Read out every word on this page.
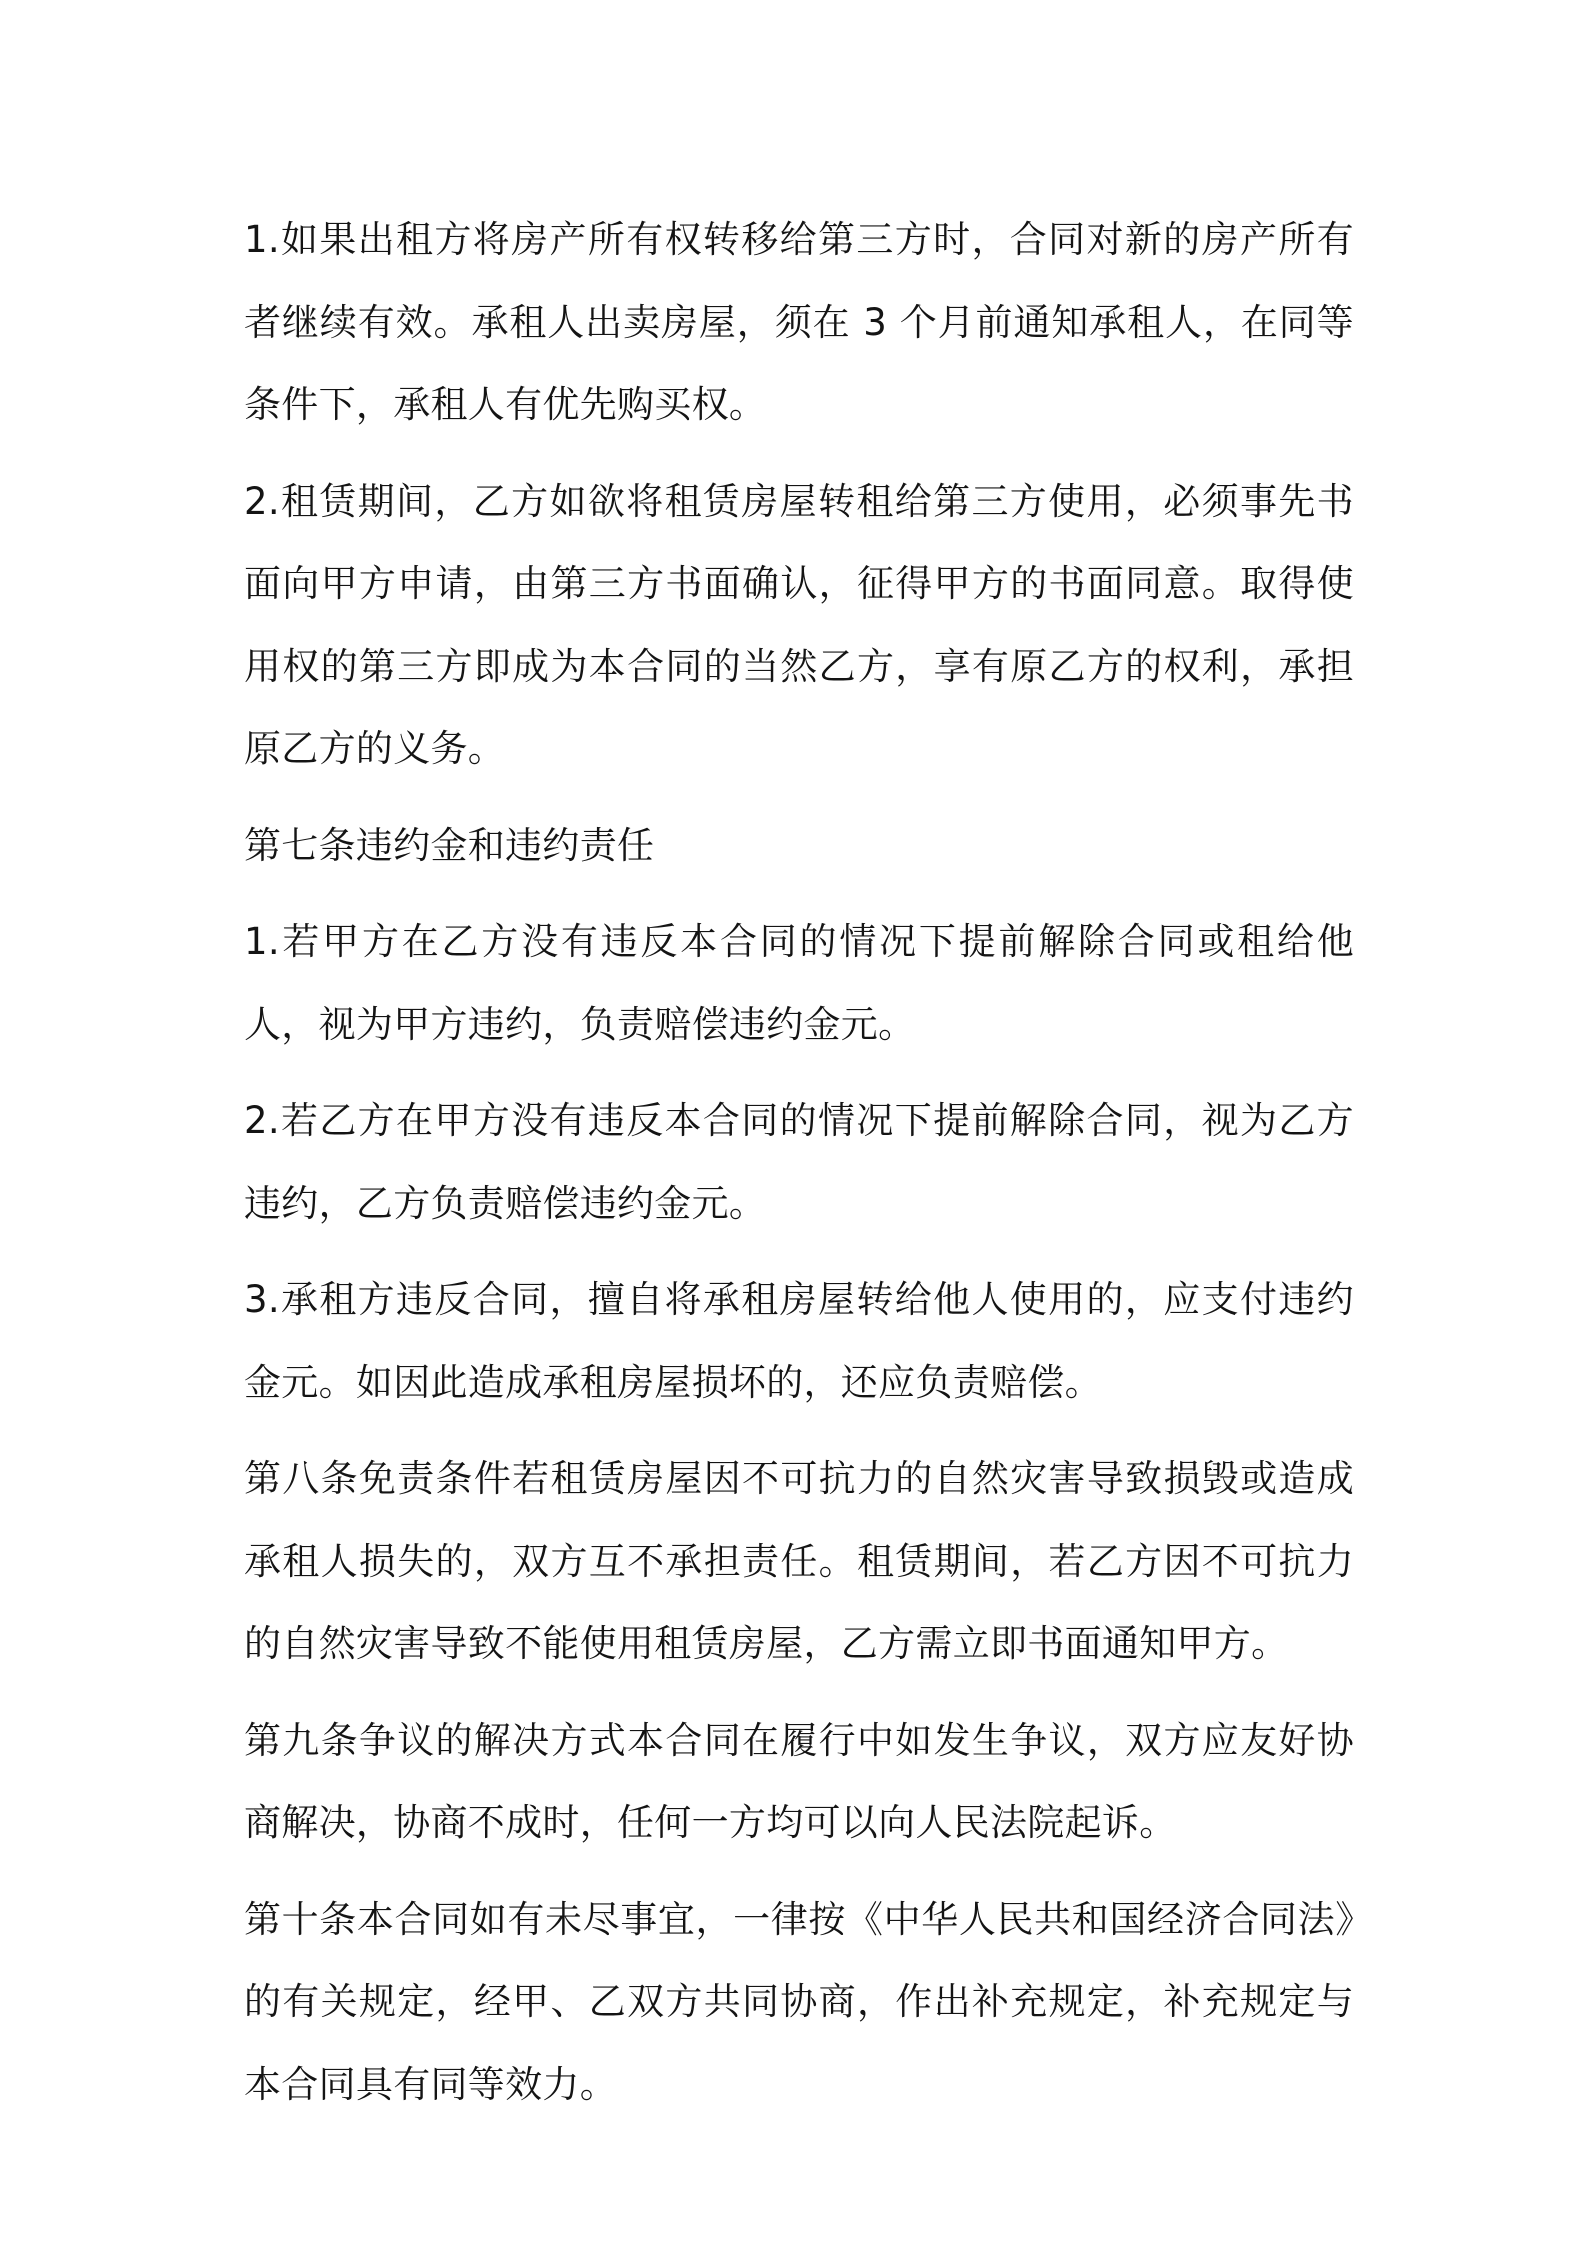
1.如果出租方将房产所有权转移给第三方时，合同对新的房产所有者继续有效。承租人出卖房屋，须在 3 个月前通知承租人，在同等条件下，承租人有优先购买权。

2.租赁期间，乙方如欲将租赁房屋转租给第三方使用，必须事先书面向甲方申请，由第三方书面确认，征得甲方的书面同意。取得使用权的第三方即成为本合同的当然乙方，享有原乙方的权利，承担原乙方的义务。

第七条违约金和违约责任

1.若甲方在乙方没有违反本合同的情况下提前解除合同或租给他人，视为甲方违约，负责赔偿违约金元。

2.若乙方在甲方没有违反本合同的情况下提前解除合同，视为乙方违约，乙方负责赔偿违约金元。

3.承租方违反合同，擅自将承租房屋转给他人使用的，应支付违约金元。如因此造成承租房屋损坏的，还应负责赔偿。

第八条免责条件若租赁房屋因不可抗力的自然灾害导致损毁或造成承租人损失的，双方互不承担责任。租赁期间，若乙方因不可抗力的自然灾害导致不能使用租赁房屋，乙方需立即书面通知甲方。

第九条争议的解决方式本合同在履行中如发生争议，双方应友好协商解决，协商不成时，任何一方均可以向人民法院起诉。

第十条本合同如有未尽事宜，一律按《中华人民共和国经济合同法》的有关规定，经甲、乙双方共同协商，作出补充规定，补充规定与本合同具有同等效力。
